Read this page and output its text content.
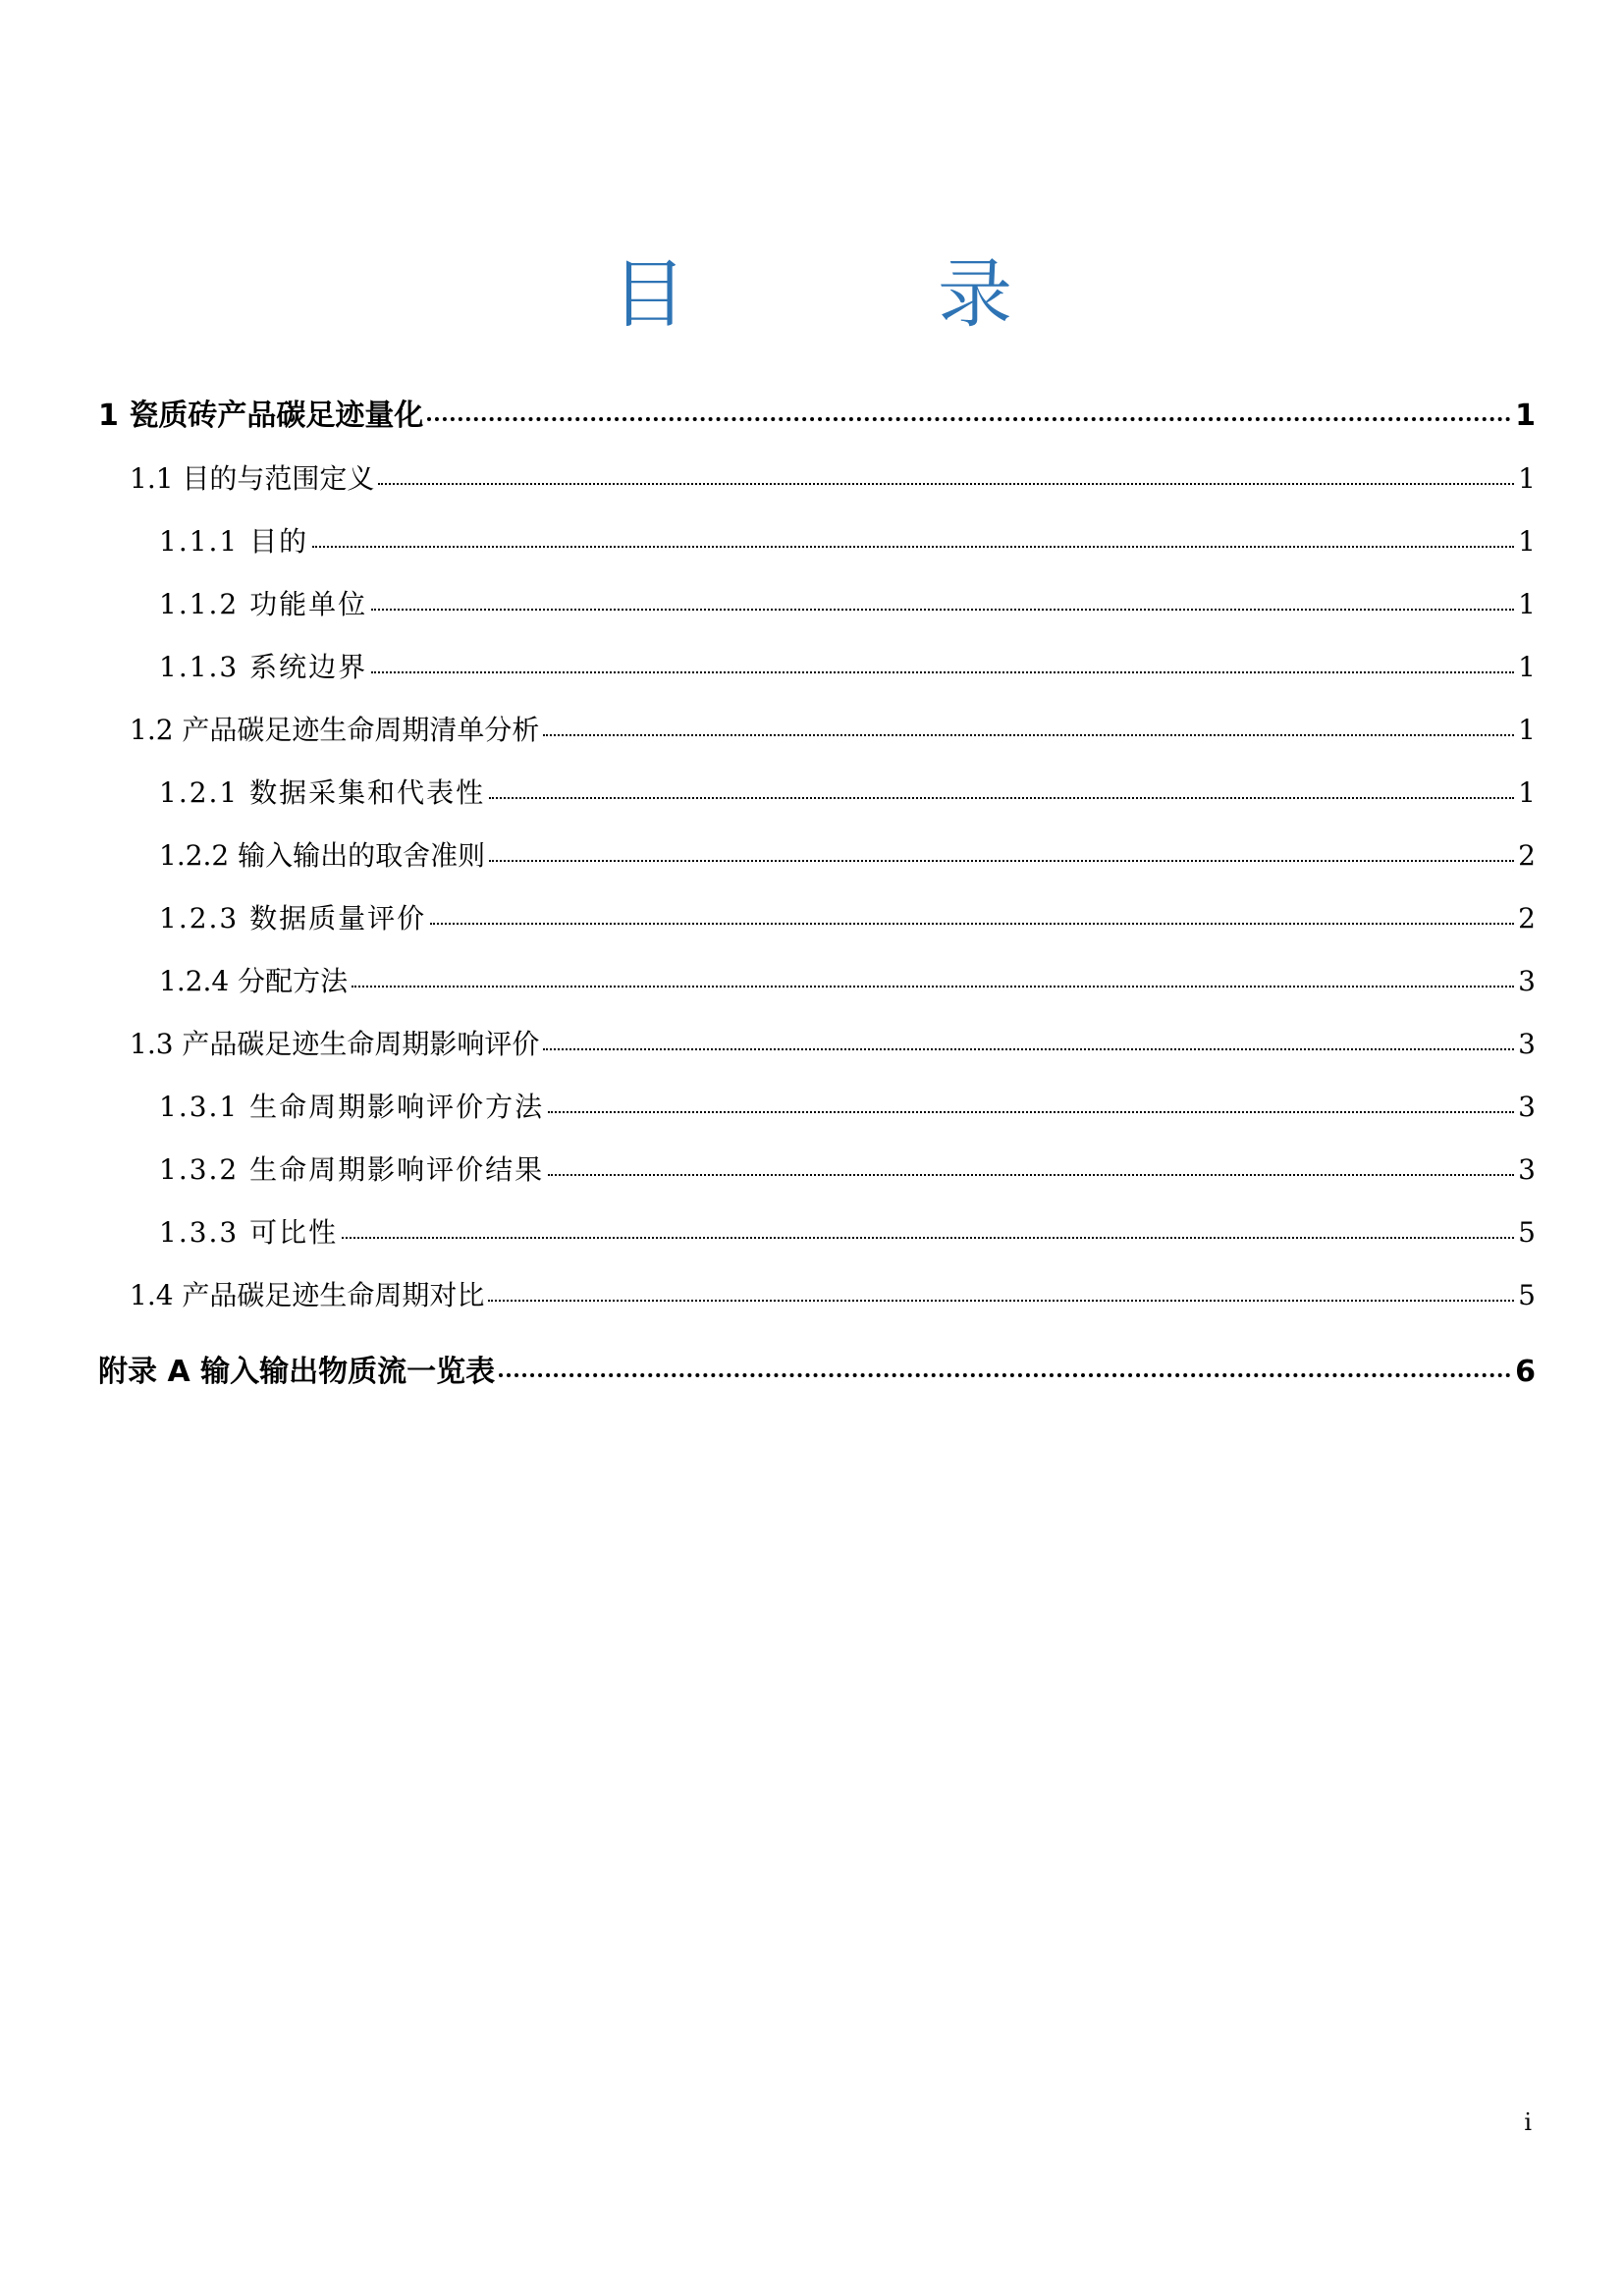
目　录
1 瓷质砖产品碳足迹量化	1
1.1 目的与范围定义	1
1.1.1 目的	1
1.1.2 功能单位	1
1.1.3 系统边界	1
1.2 产品碳足迹生命周期清单分析	1
1.2.1 数据采集和代表性	1
1.2.2 输入输出的取舍准则	2
1.2.3 数据质量评价	2
1.2.4 分配方法	3
1.3 产品碳足迹生命周期影响评价	3
1.3.1 生命周期影响评价方法	3
1.3.2 生命周期影响评价结果	3
1.3.3 可比性	5
1.4 产品碳足迹生命周期对比	5
附录 A 输入输出物质流一览表	6
i
